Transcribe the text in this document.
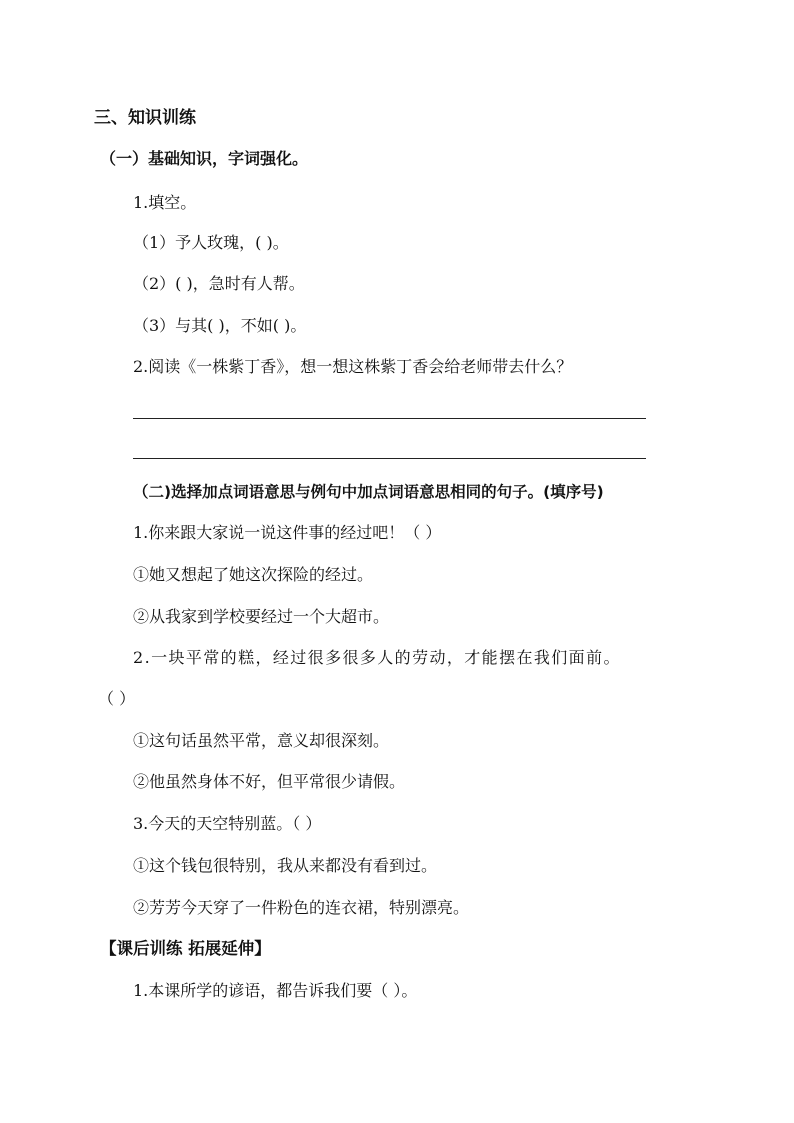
三、知识训练
（一）基础知识，字词强化。
1.填空。
（1）予人玫瑰，( )。
（2）( )，急时有人帮。
（3）与其( )，不如( )。
2.阅读《一株紫丁香》，想一想这株紫丁香会给老师带去什么？
（二)选择加点词语意思与例句中加点词语意思相同的句子。(填序号)
1.你来跟大家说一说这件事的经过吧！（ ）
①她又想起了她这次探险的经过。
②从我家到学校要经过一个大超市。
2.一块平常的糕，经过很多很多人的劳动，才能摆在我们面前。
（ ）
①这句话虽然平常，意义却很深刻。
②他虽然身体不好，但平常很少请假。
3.今天的天空特别蓝。（ ）
①这个钱包很特别，我从来都没有看到过。
②芳芳今天穿了一件粉色的连衣裙，特别漂亮。
【课后训练 拓展延伸】
1.本课所学的谚语，都告诉我们要（ ）。
